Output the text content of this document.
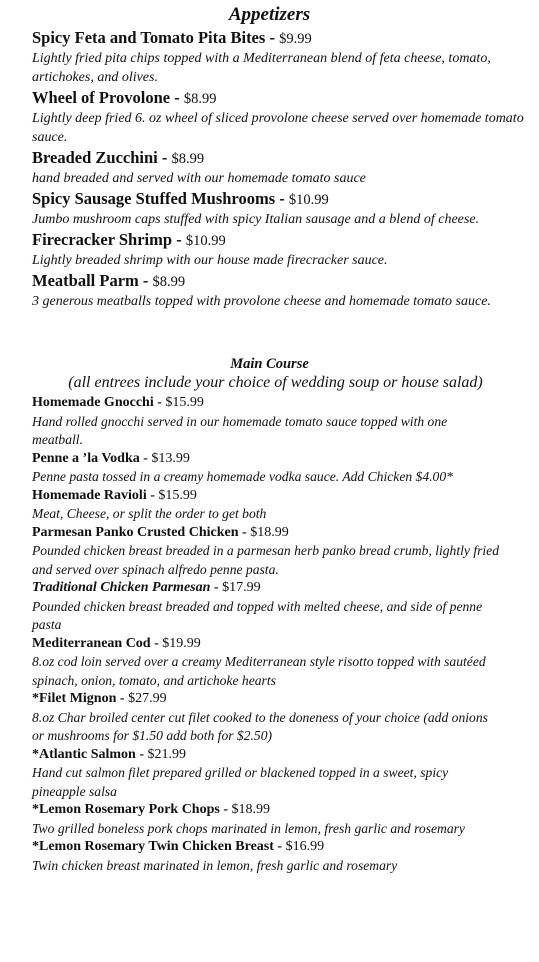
Appetizers
Spicy Feta and Tomato Pita Bites - $9.99
Lightly fried pita chips topped with a Mediterranean blend of feta cheese, tomato, artichokes, and olives.
Wheel of Provolone - $8.99
Lightly deep fried 6. oz wheel of sliced provolone cheese served over homemade tomato sauce.
Breaded Zucchini - $8.99
hand breaded and served with our homemade tomato sauce
Spicy Sausage Stuffed Mushrooms - $10.99
Jumbo mushroom caps stuffed with spicy Italian sausage and a blend of cheese.
Firecracker Shrimp - $10.99
Lightly breaded shrimp with our house made firecracker sauce.
Meatball Parm - $8.99
3 generous meatballs topped with provolone cheese and homemade tomato sauce.
Main Course
(all entrees include your choice of wedding soup or house salad)
Homemade Gnocchi - $15.99
Hand rolled gnocchi served in our homemade tomato sauce topped with one meatball.
Penne a ’la Vodka - $13.99
Penne pasta tossed in a creamy homemade vodka sauce. Add Chicken $4.00*
Homemade Ravioli - $15.99
Meat, Cheese, or split the order to get both
Parmesan Panko Crusted Chicken - $18.99
Pounded chicken breast breaded in a parmesan herb panko bread crumb, lightly fried and served over spinach alfredo penne pasta.
Traditional Chicken Parmesan - $17.99
Pounded chicken breast breaded and topped with melted cheese, and side of penne pasta
Mediterranean Cod - $19.99
8.oz cod loin served over a creamy Mediterranean style risotto topped with sautéed spinach, onion, tomato, and artichoke hearts
*Filet Mignon - $27.99
8.oz Char broiled center cut filet cooked to the doneness of your choice (add onions or mushrooms for $1.50 add both for $2.50)
*Atlantic Salmon - $21.99
Hand cut salmon filet prepared grilled or blackened topped in a sweet, spicy pineapple salsa
*Lemon Rosemary Pork Chops - $18.99
Two grilled boneless pork chops marinated in lemon, fresh garlic and rosemary
*Lemon Rosemary Twin Chicken Breast - $16.99
Twin chicken breast marinated in lemon, fresh garlic and rosemary
